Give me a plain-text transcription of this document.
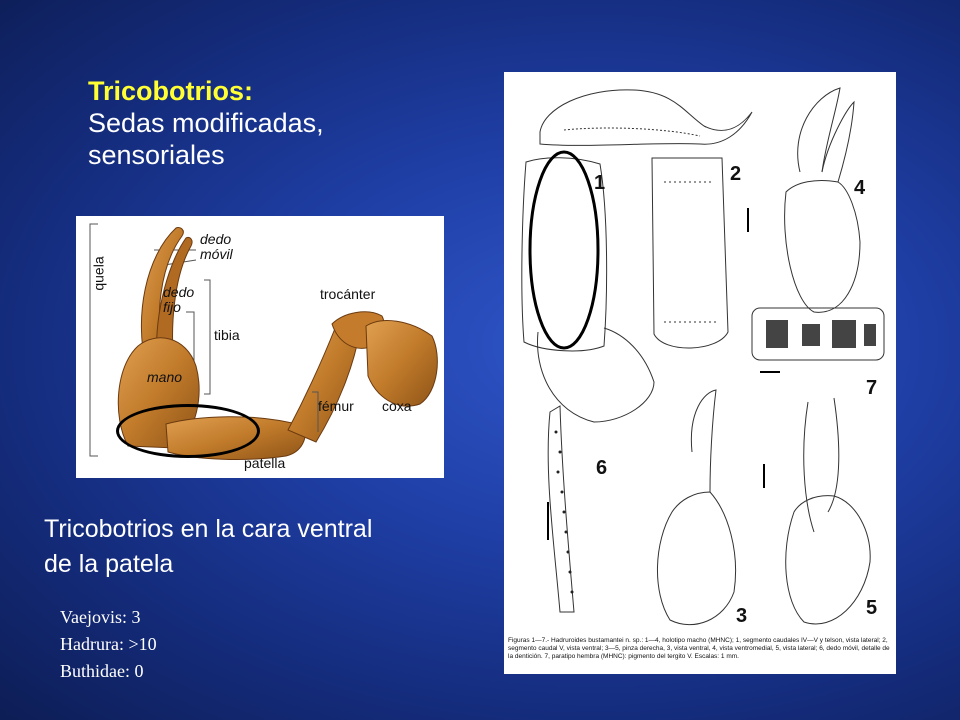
Tricobotrios:
Sedas modificadas,
sensoriales
quela
dedo
móvil
dedo
fijo
tibia
mano
trocánter
fémur coxa
patella
Tricobotrios en la cara ventral
de la patela
Vaejovis: 3
Hadrura: >10
Buthidae: 0
1	2
3
4
5
6
7
Figuras 1—7.- Hadruroides bustamantei n. sp.: 1—4, holotipo macho (MHNC); 1, segmento caudales IV—V y telson, vista lateral; 2, segmento caudal V, vista ventral; 3—5, pinza derecha, 3, vista ventral, 4, vista ventromedial, 5, vista lateral; 6, dedo móvil, detalle de la dentición. 7, paratipo hembra (MHNC): pigmento del tergito V. Escalas: 1 mm.
